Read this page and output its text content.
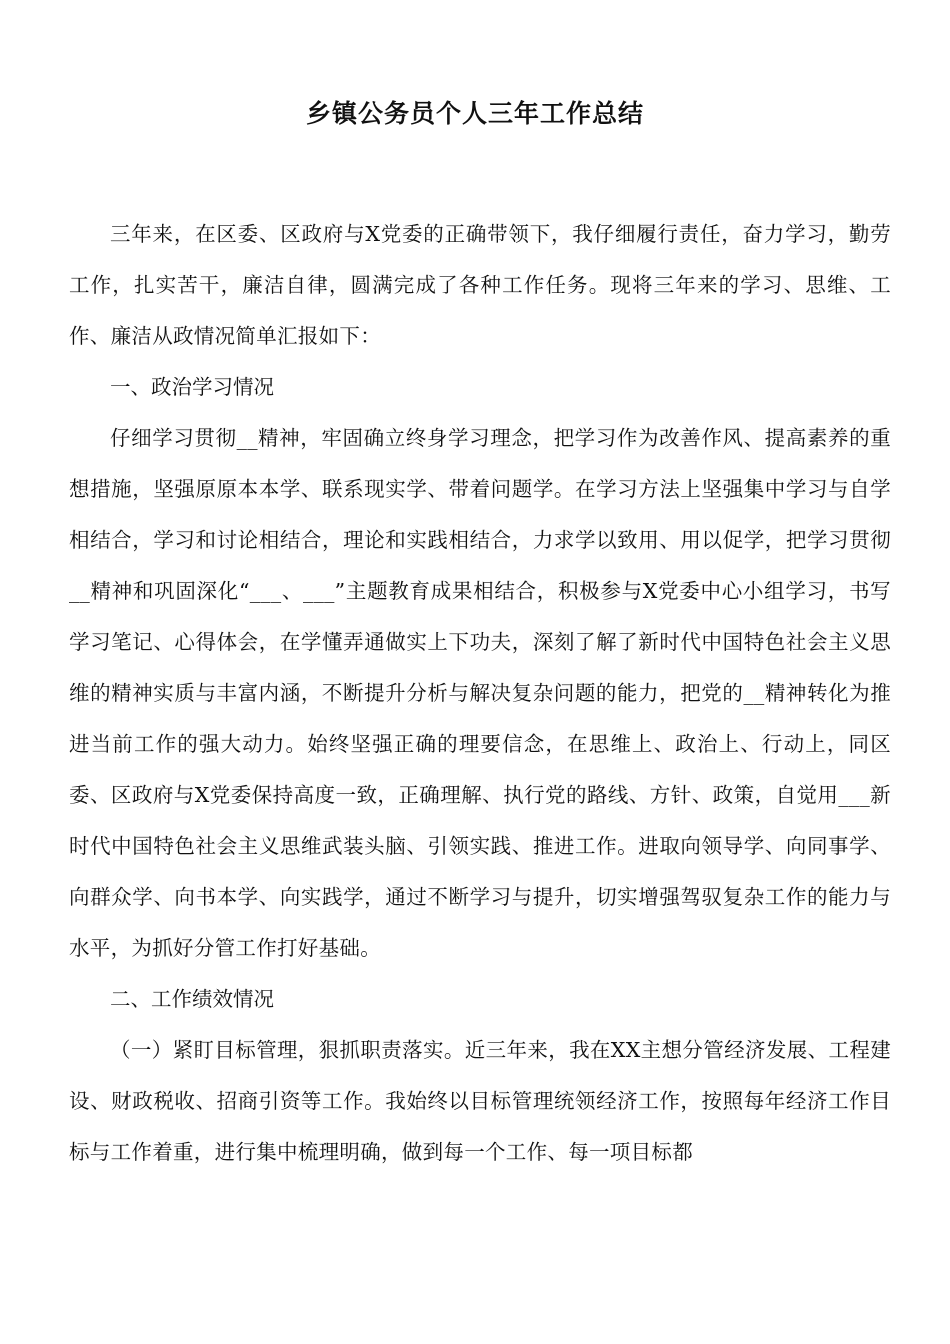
乡镇公务员个人三年工作总结

三年来，在区委、区政府与X党委的正确带领下，我仔细履行责任，奋力学习，勤劳工作，扎实苦干，廉洁自律，圆满完成了各种工作任务。现将三年来的学习、思维、工作、廉洁从政情况简单汇报如下：

一、政治学习情况

仔细学习贯彻__精神，牢固确立终身学习理念，把学习作为改善作风、提高素养的重想措施，坚强原原本本学、联系现实学、带着问题学。在学习方法上坚强集中学习与自学相结合，学习和讨论相结合，理论和实践相结合，力求学以致用、用以促学，把学习贯彻__精神和巩固深化“___、___”主题教育成果相结合，积极参与X党委中心小组学习，书写学习笔记、心得体会，在学懂弄通做实上下功夫，深刻了解了新时代中国特色社会主义思维的精神实质与丰富内涵，不断提升分析与解决复杂问题的能力，把党的__精神转化为推进当前工作的强大动力。始终坚强正确的理要信念，在思维上、政治上、行动上，同区委、区政府与X党委保持高度一致，正确理解、执行党的路线、方针、政策，自觉用___新时代中国特色社会主义思维武装头脑、引领实践、推进工作。进取向领导学、向同事学、向群众学、向书本学、向实践学，通过不断学习与提升，切实增强驾驭复杂工作的能力与水平，为抓好分管工作打好基础。

二、工作绩效情况

（一）紧盯目标管理，狠抓职责落实。近三年来，我在XX主想分管经济发展、工程建设、财政税收、招商引资等工作。我始终以目标管理统领经济工作，按照每年经济工作目标与工作着重，进行集中梳理明确，做到每一个工作、每一项目标都
